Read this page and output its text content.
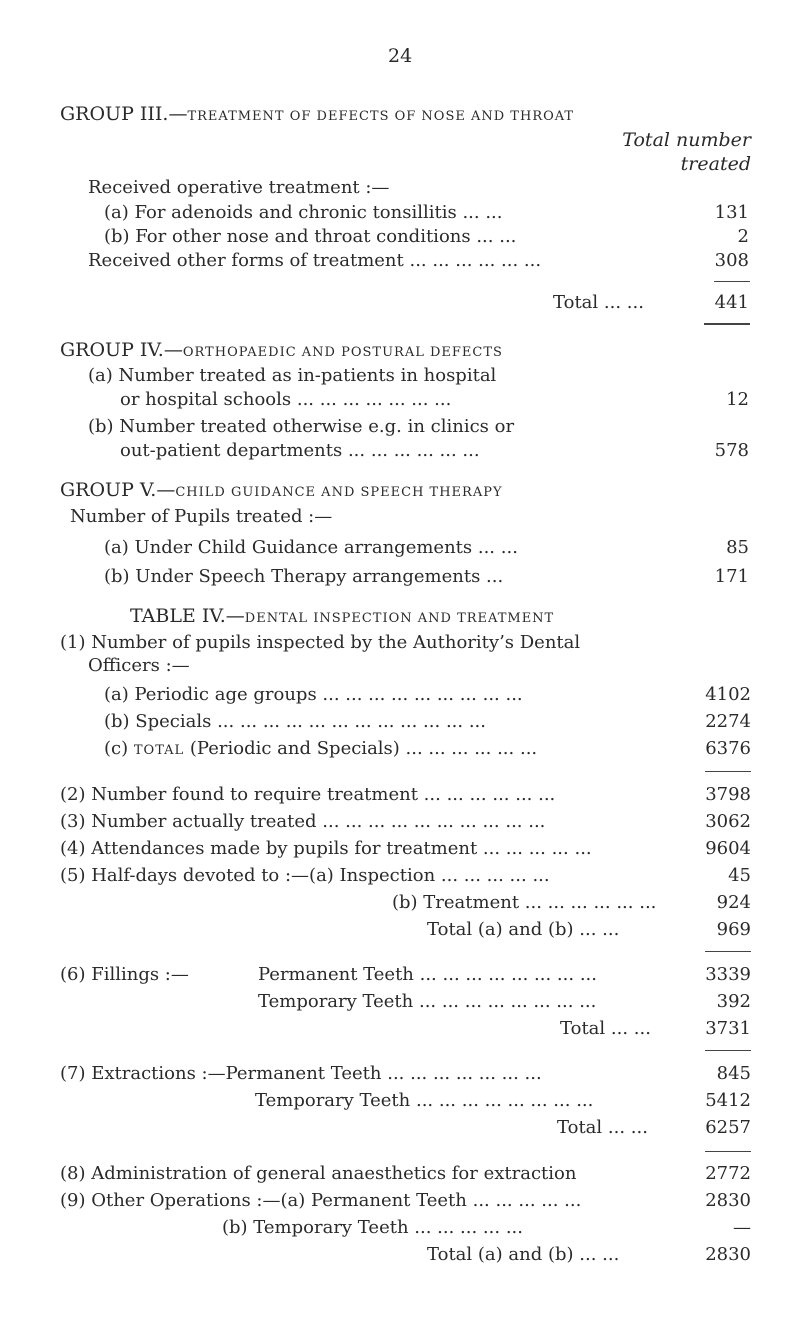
24
GROUP III.—TREATMENT OF DEFECTS OF NOSE AND THROAT
Total number
treated
Received operative treatment :—
(a) For adenoids and chronic tonsillitis ... ...	131
(b) For other nose and throat conditions ... ...	2
Received other forms of treatment ... ... ... ... ... ...	308
Total ... ...	441
GROUP IV.—ORTHOPAEDIC AND POSTURAL DEFECTS
(a) Number treated as in-patients in hospital
or hospital schools ... ... ... ... ... ... ...	12
(b) Number treated otherwise e.g. in clinics or
out-patient departments ... ... ... ... ... ...	578
GROUP V.—CHILD GUIDANCE AND SPEECH THERAPY
Number of Pupils treated :—
(a) Under Child Guidance arrangements ... ...	85
(b) Under Speech Therapy arrangements ...	171
TABLE IV.—DENTAL INSPECTION AND TREATMENT
(1) Number of pupils inspected by the Authority’s Dental
Officers :—
(a) Periodic age groups ... ... ... ... ... ... ... ... ...	4102
(b) Specials ... ... ... ... ... ... ... ... ... ... ... ...	2274
(c) TOTAL (Periodic and Specials) ... ... ... ... ... ...	6376
(2) Number found to require treatment ... ... ... ... ... ...	3798
(3) Number actually treated ... ... ... ... ... ... ... ... ... ...	3062
(4) Attendances made by pupils for treatment ... ... ... ... ...	9604
(5) Half-days devoted to :—(a) Inspection ... ... ... ... ...	45
(b) Treatment ... ... ... ... ... ...	924
Total (a) and (b) ... ...	969
(6) Fillings :—	Permanent Teeth ... ... ... ... ... ... ... ...	3339
Temporary Teeth ... ... ... ... ... ... ... ...	392
Total ... ...	3731
(7) Extractions :—Permanent Teeth ... ... ... ... ... ... ...	845
Temporary Teeth ... ... ... ... ... ... ... ...	5412
Total ... ...	6257
(8) Administration of general anaesthetics for extraction	2772
(9) Other Operations :—(a) Permanent Teeth ... ... ... ... ...	2830
(b) Temporary Teeth ... ... ... ... ...	—
Total (a) and (b) ... ...	2830
